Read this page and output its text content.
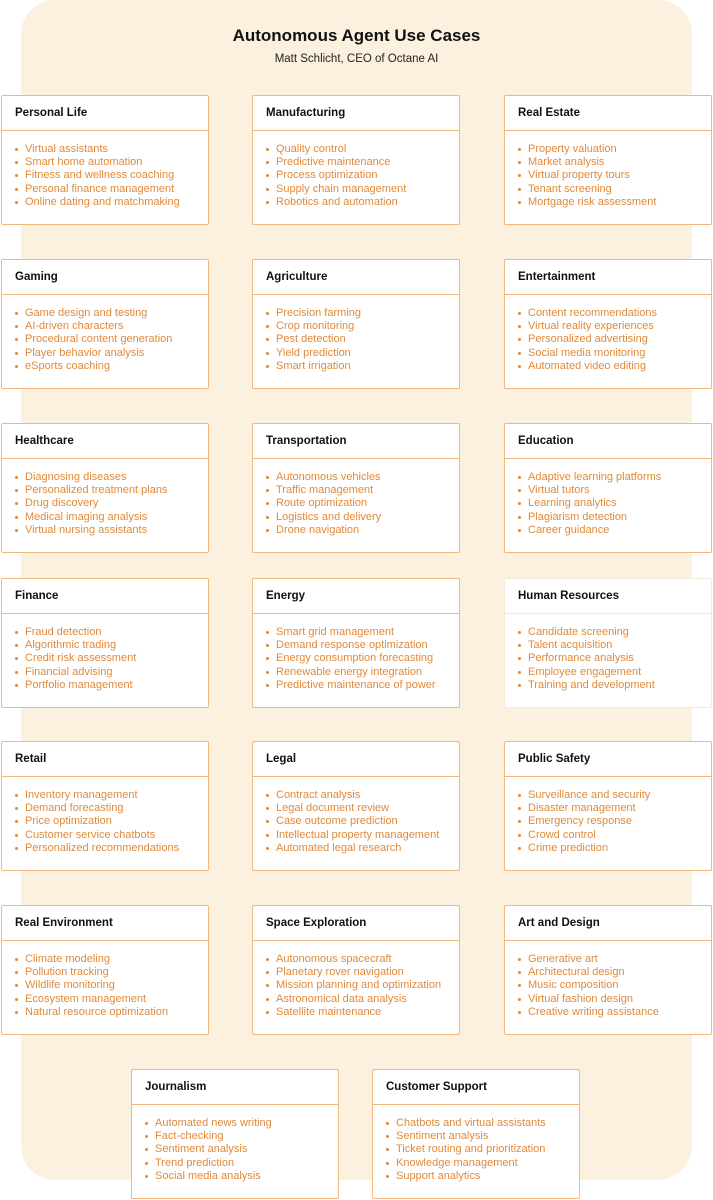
Autonomous Agent Use Cases
Matt Schlicht, CEO of Octane AI
Personal Life
Virtual assistants
Smart home automation
Fitness and wellness coaching
Personal finance management
Online dating and matchmaking
Manufacturing
Quality control
Predictive maintenance
Process optimization
Supply chain management
Robotics and automation
Real Estate
Property valuation
Market analysis
Virtual property tours
Tenant screening
Mortgage risk assessment
Gaming
Game design and testing
AI-driven characters
Procedural content generation
Player behavior analysis
eSports coaching
Agriculture
Precision farming
Crop monitoring
Pest detection
Yield prediction
Smart irrigation
Entertainment
Content recommendations
Virtual reality experiences
Personalized advertising
Social media monitoring
Automated video editing
Healthcare
Diagnosing diseases
Personalized treatment plans
Drug discovery
Medical imaging analysis
Virtual nursing assistants
Transportation
Autonomous vehicles
Traffic management
Route optimization
Logistics and delivery
Drone navigation
Education
Adaptive learning platforms
Virtual tutors
Learning analytics
Plagiarism detection
Career guidance
Finance
Fraud detection
Algorithmic trading
Credit risk assessment
Financial advising
Portfolio management
Energy
Smart grid management
Demand response optimization
Energy consumption forecasting
Renewable energy integration
Predictive maintenance of power
Human Resources
Candidate screening
Talent acquisition
Performance analysis
Employee engagement
Training and development
Retail
Inventory management
Demand forecasting
Price optimization
Customer service chatbots
Personalized recommendations
Legal
Contract analysis
Legal document review
Case outcome prediction
Intellectual property management
Automated legal research
Public Safety
Surveillance and security
Disaster management
Emergency response
Crowd control
Crime prediction
Real Environment
Climate modeling
Pollution tracking
Wildlife monitoring
Ecosystem management
Natural resource optimization
Space Exploration
Autonomous spacecraft
Planetary rover navigation
Mission planning and optimization
Astronomical data analysis
Satellite maintenance
Art and Design
Generative art
Architectural design
Music composition
Virtual fashion design
Creative writing assistance
Journalism
Automated news writing
Fact-checking
Sentiment analysis
Trend prediction
Social media analysis
Customer Support
Chatbots and virtual assistants
Sentiment analysis
Ticket routing and prioritization
Knowledge management
Support analytics
